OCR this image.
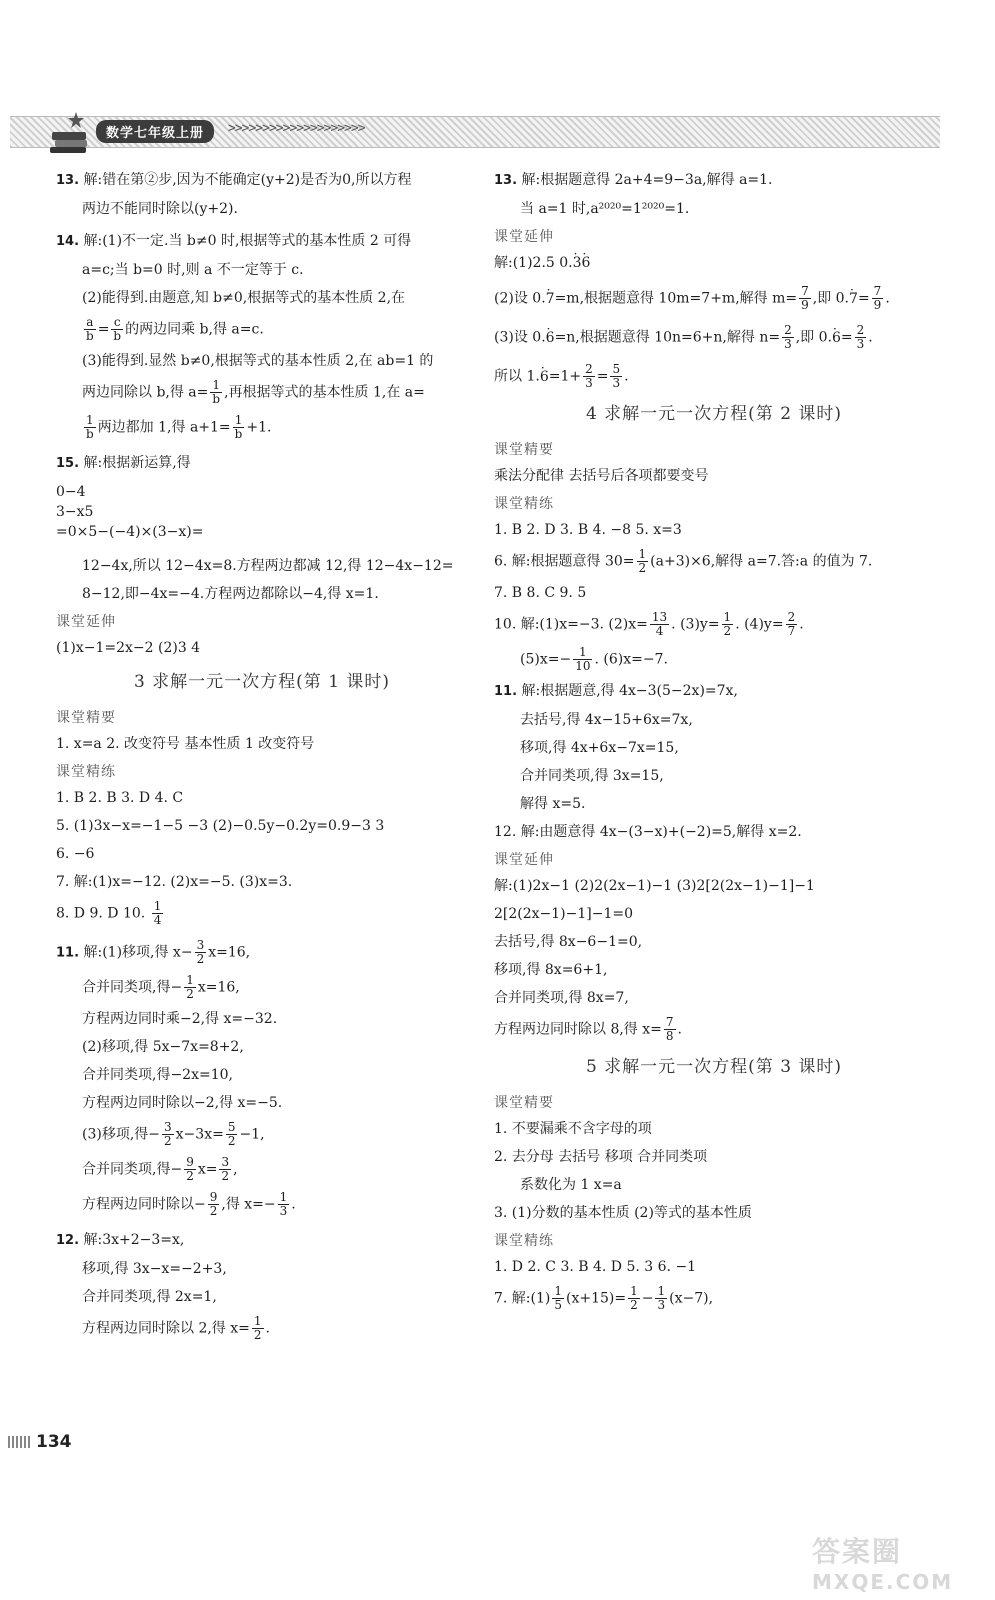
数学七年级上册	>>>>>>>>>>>>>>>>>>>>

13. 解:错在第②步,因为不能确定(y+2)是否为0,所以方程

两边不能同时除以(y+2).

14. 解:(1)不一定.当 b≠0 时,根据等式的基本性质 2 可得

a=c;当 b=0 时,则 a 不一定等于 c.

(2)能得到.由题意,知 b≠0,根据等式的基本性质 2,在

$\frac{a}{b} = \frac{c}{b}$ 的两边同乘 b,得 a=c.

(3)能得到.显然 b≠0,根据等式的基本性质 2,在 ab=1 的

两边同除以 b,得 $a= \frac{1}{b}$ ,再根据等式的基本性质 1,在 a=

$\frac{1}{b}$ 两边都加 1,得 $a+1= \frac{1}{b} +1$.

15. 解:根据新运算,得

0−4
3−x5
=0×5−(−4)×(3−x)=

12−4x,所以 12−4x=8.方程两边都减 12,得 12−4x−12=

8−12,即−4x=−4.方程两边都除以−4,得 x=1.

课堂延伸

(1)x−1=2x−2 (2)3 4

3 求解一元一次方程(第 1 课时)

课堂精要

1. x=a 2. 改变符号 基本性质 1 改变符号

课堂精练

1. B 2. B 3. D 4. C

5. (1)3x−x=−1−5 −3 (2)−0.5y−0.2y=0.9−3 3

6. −6

7. 解:(1)x=−12. (2)x=−5. (3)x=3.

8. D 9. D 10. $\frac{1}{4}$

11. 解:(1)移项,得 $x- \frac{3}{2} x=16$,

合并同类项,得− $\frac{1}{2} x=16$,

方程两边同时乘−2,得 x=−32.

(2)移项,得 5x−7x=8+2,

合并同类项,得−2x=10,

方程两边同时除以−2,得 x=−5.

(3)移项,得− $\frac{3}{2} x-3x= \frac{5}{2} -1$,

合并同类项,得− $\frac{9}{2} x= \frac{3}{2}$ ,

方程两边同时除以− $\frac{9}{2}$ ,得 $x=- \frac{1}{3}$ .

12. 解:3x+2−3=x,

移项,得 3x−x=−2+3,

合并同类项,得 2x=1,

方程两边同时除以 2,得 $x= \frac{1}{2}$ .

13. 解:根据题意得 2a+4=9−3a,解得 a=1.

当 a=1 时,a²⁰²⁰=1²⁰²⁰=1.

课堂延伸

解:(1)2.5 0.· 3· 6

(2)设 0.· 7=m,根据题意得 10m=7+m,解得 $m= \frac{7}{9}$ ,即 $0.\cdot 7= \frac{7}{9}$ .

(3)设 0.· 6=n,根据题意得 10n=6+n,解得 $n= \frac{2}{3}$ ,即 $0.\cdot 6= \frac{2}{3}$ .

所以 $1.\cdot 6=1+ \frac{2}{3} = \frac{5}{3}$ .

4 求解一元一次方程(第 2 课时)

课堂精要

乘法分配律 去括号后各项都要变号

课堂精练

1. B 2. D 3. B 4. −8 5. x=3

6. 解:根据题意得 $30= \frac{1}{2} (a+3)\times 6$,解得 a=7.答:a 的值为 7.

7. B 8. C 9. 5

10. 解:(1)x=−3. $(2)x= \frac{13}{4}$ . $(3)y= \frac{1}{2}$ . $(4)y= \frac{2}{7}$ .

$(5)x=- \frac{1}{10}$ . (6)x=−7.

11. 解:根据题意,得 4x−3(5−2x)=7x,

去括号,得 4x−15+6x=7x,

移项,得 4x+6x−7x=15,

合并同类项,得 3x=15,

解得 x=5.

12. 解:由题意得 4x−(3−x)+(−2)=5,解得 x=2.

课堂延伸

解:(1)2x−1 (2)2(2x−1)−1 (3)2[2(2x−1)−1]−1

2[2(2x−1)−1]−1=0

去括号,得 8x−6−1=0,

移项,得 8x=6+1,

合并同类项,得 8x=7,

方程两边同时除以 8,得 $x= \frac{7}{8}$ .

5 求解一元一次方程(第 3 课时)

课堂精要

1. 不要漏乘不含字母的项

2. 去分母 去括号 移项 合并同类项

系数化为 1 x=a

3. (1)分数的基本性质 (2)等式的基本性质

课堂精练

1. D 2. C 3. B 4. D 5. 3 6. −1

7. 解:(1) $\frac{1}{5} (x+15)= \frac{1}{2} - \frac{1}{3} (x-7)$,

134
答案圈
MXQE.COM
